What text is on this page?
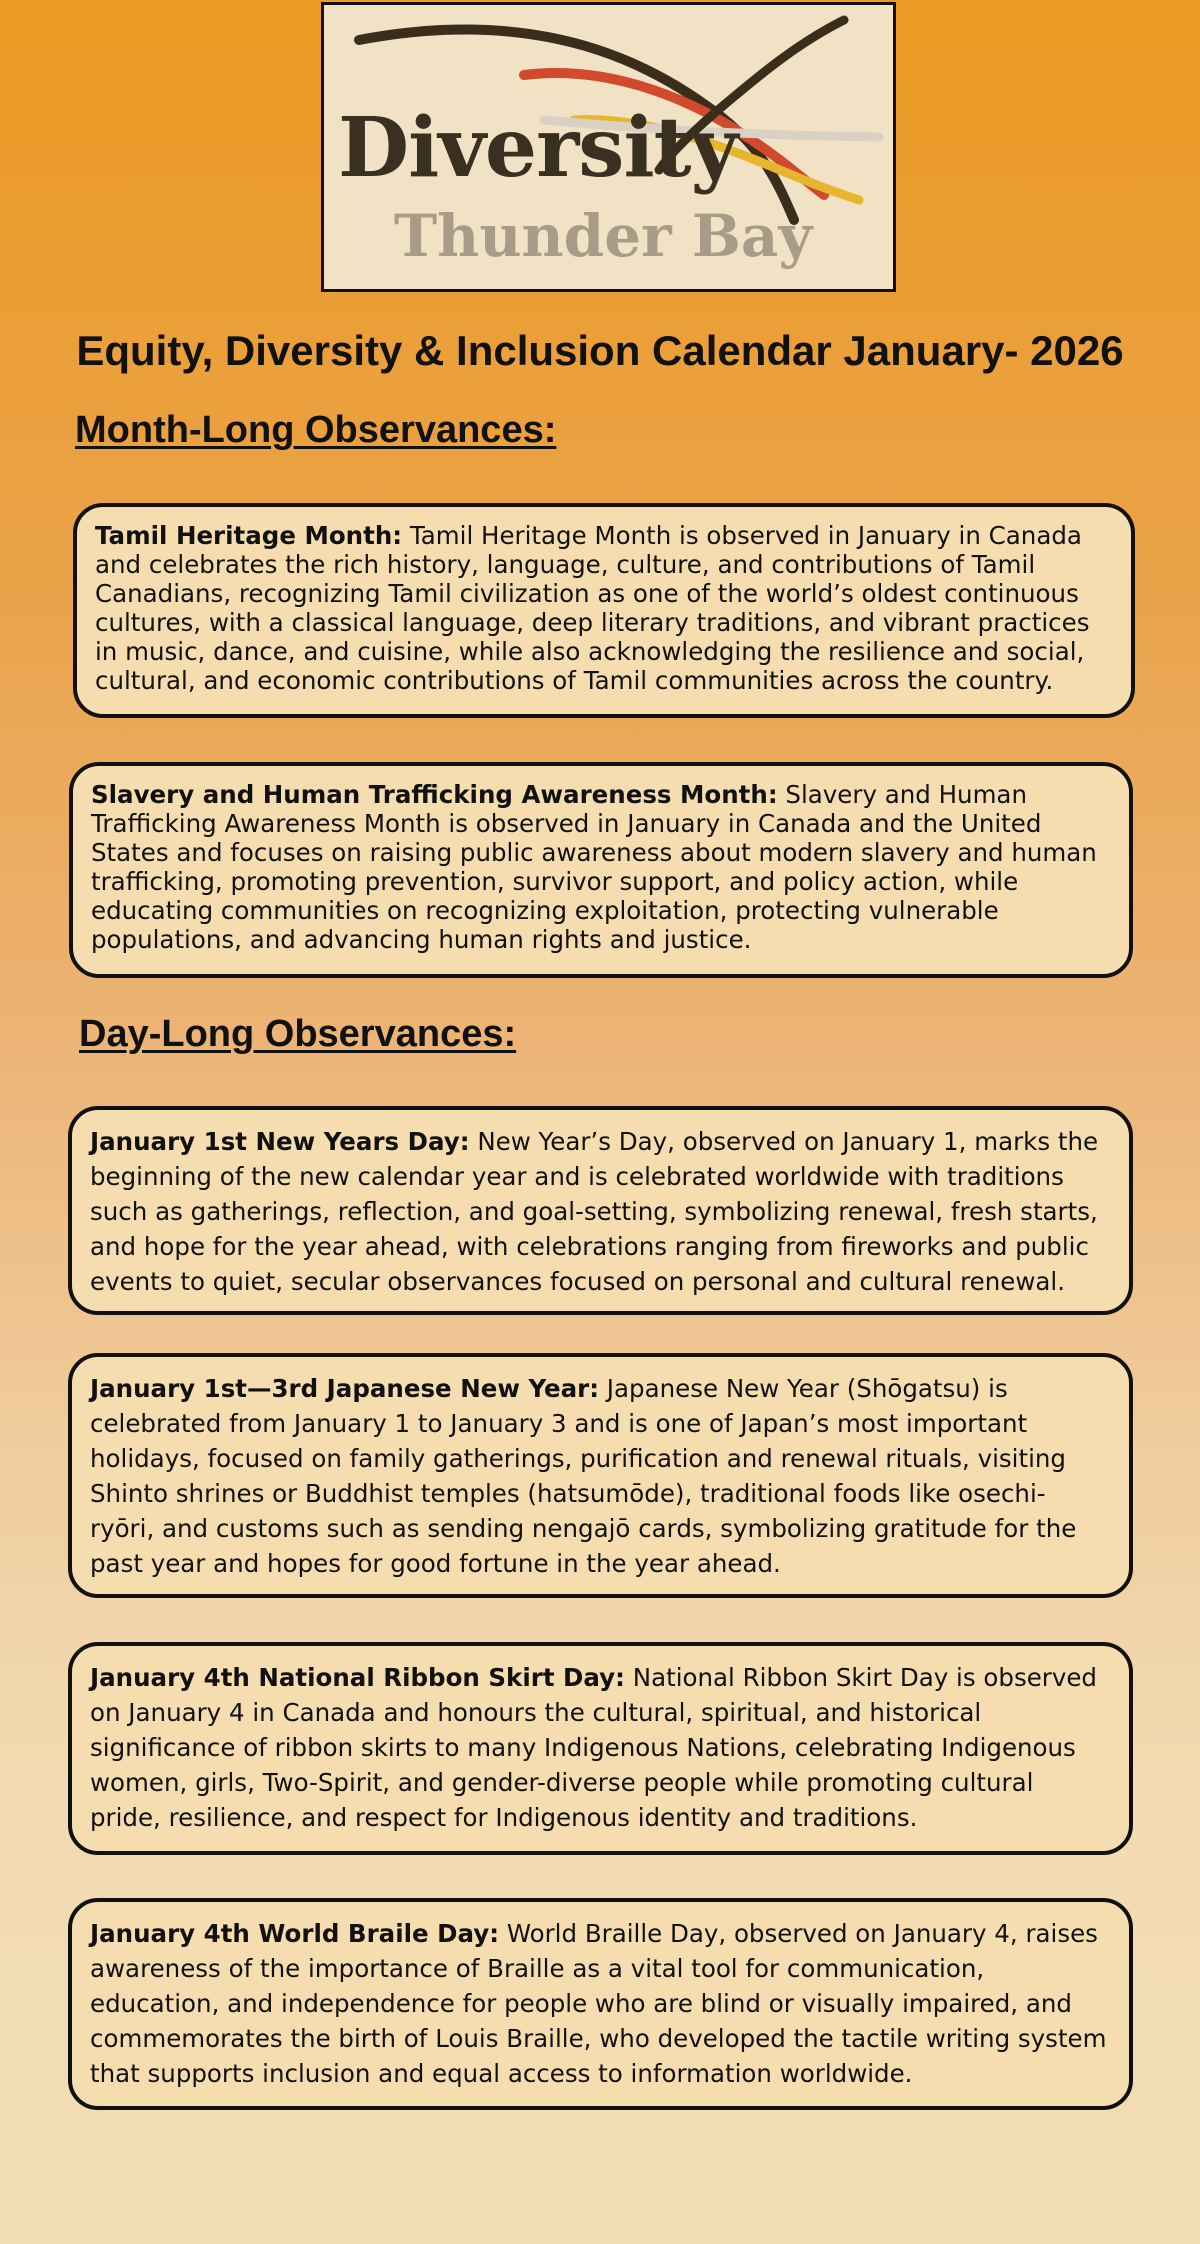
Diversity
Thunder Bay
Equity, Diversity & Inclusion Calendar January- 2026
Month-Long Observances:
Tamil Heritage Month: Tamil Heritage Month is observed in January in Canada and celebrates the rich history, language, culture, and contributions of Tamil Canadians, recognizing Tamil civilization as one of the world’s oldest continuous cultures, with a classical language, deep literary traditions, and vibrant practices in music, dance, and cuisine, while also acknowledging the resilience and social, cultural, and economic contributions of Tamil communities across the country.
Slavery and Human Trafficking Awareness Month: Slavery and Human Trafficking Awareness Month is observed in January in Canada and the United States and focuses on raising public awareness about modern slavery and human trafficking, promoting prevention, survivor support, and policy action, while educating communities on recognizing exploitation, protecting vulnerable populations, and advancing human rights and justice.
Day-Long Observances:
January 1st New Years Day: New Year’s Day, observed on January 1, marks the beginning of the new calendar year and is celebrated worldwide with traditions such as gatherings, reflection, and goal-setting, symbolizing renewal, fresh starts, and hope for the year ahead, with celebrations ranging from fireworks and public events to quiet, secular observances focused on personal and cultural renewal.
January 1st—3rd Japanese New Year: Japanese New Year (Shōgatsu) is celebrated from January 1 to January 3 and is one of Japan’s most important holidays, focused on family gatherings, purification and renewal rituals, visiting Shinto shrines or Buddhist temples (hatsumōde), traditional foods like osechi-ryōri, and customs such as sending nengajō cards, symbolizing gratitude for the past year and hopes for good fortune in the year ahead.
January 4th National Ribbon Skirt Day: National Ribbon Skirt Day is observed on January 4 in Canada and honours the cultural, spiritual, and historical significance of ribbon skirts to many Indigenous Nations, celebrating Indigenous women, girls, Two-Spirit, and gender-diverse people while promoting cultural pride, resilience, and respect for Indigenous identity and traditions.
January 4th World Braile Day: World Braille Day, observed on January 4, raises awareness of the importance of Braille as a vital tool for communication, education, and independence for people who are blind or visually impaired, and commemorates the birth of Louis Braille, who developed the tactile writing system that supports inclusion and equal access to information worldwide.
